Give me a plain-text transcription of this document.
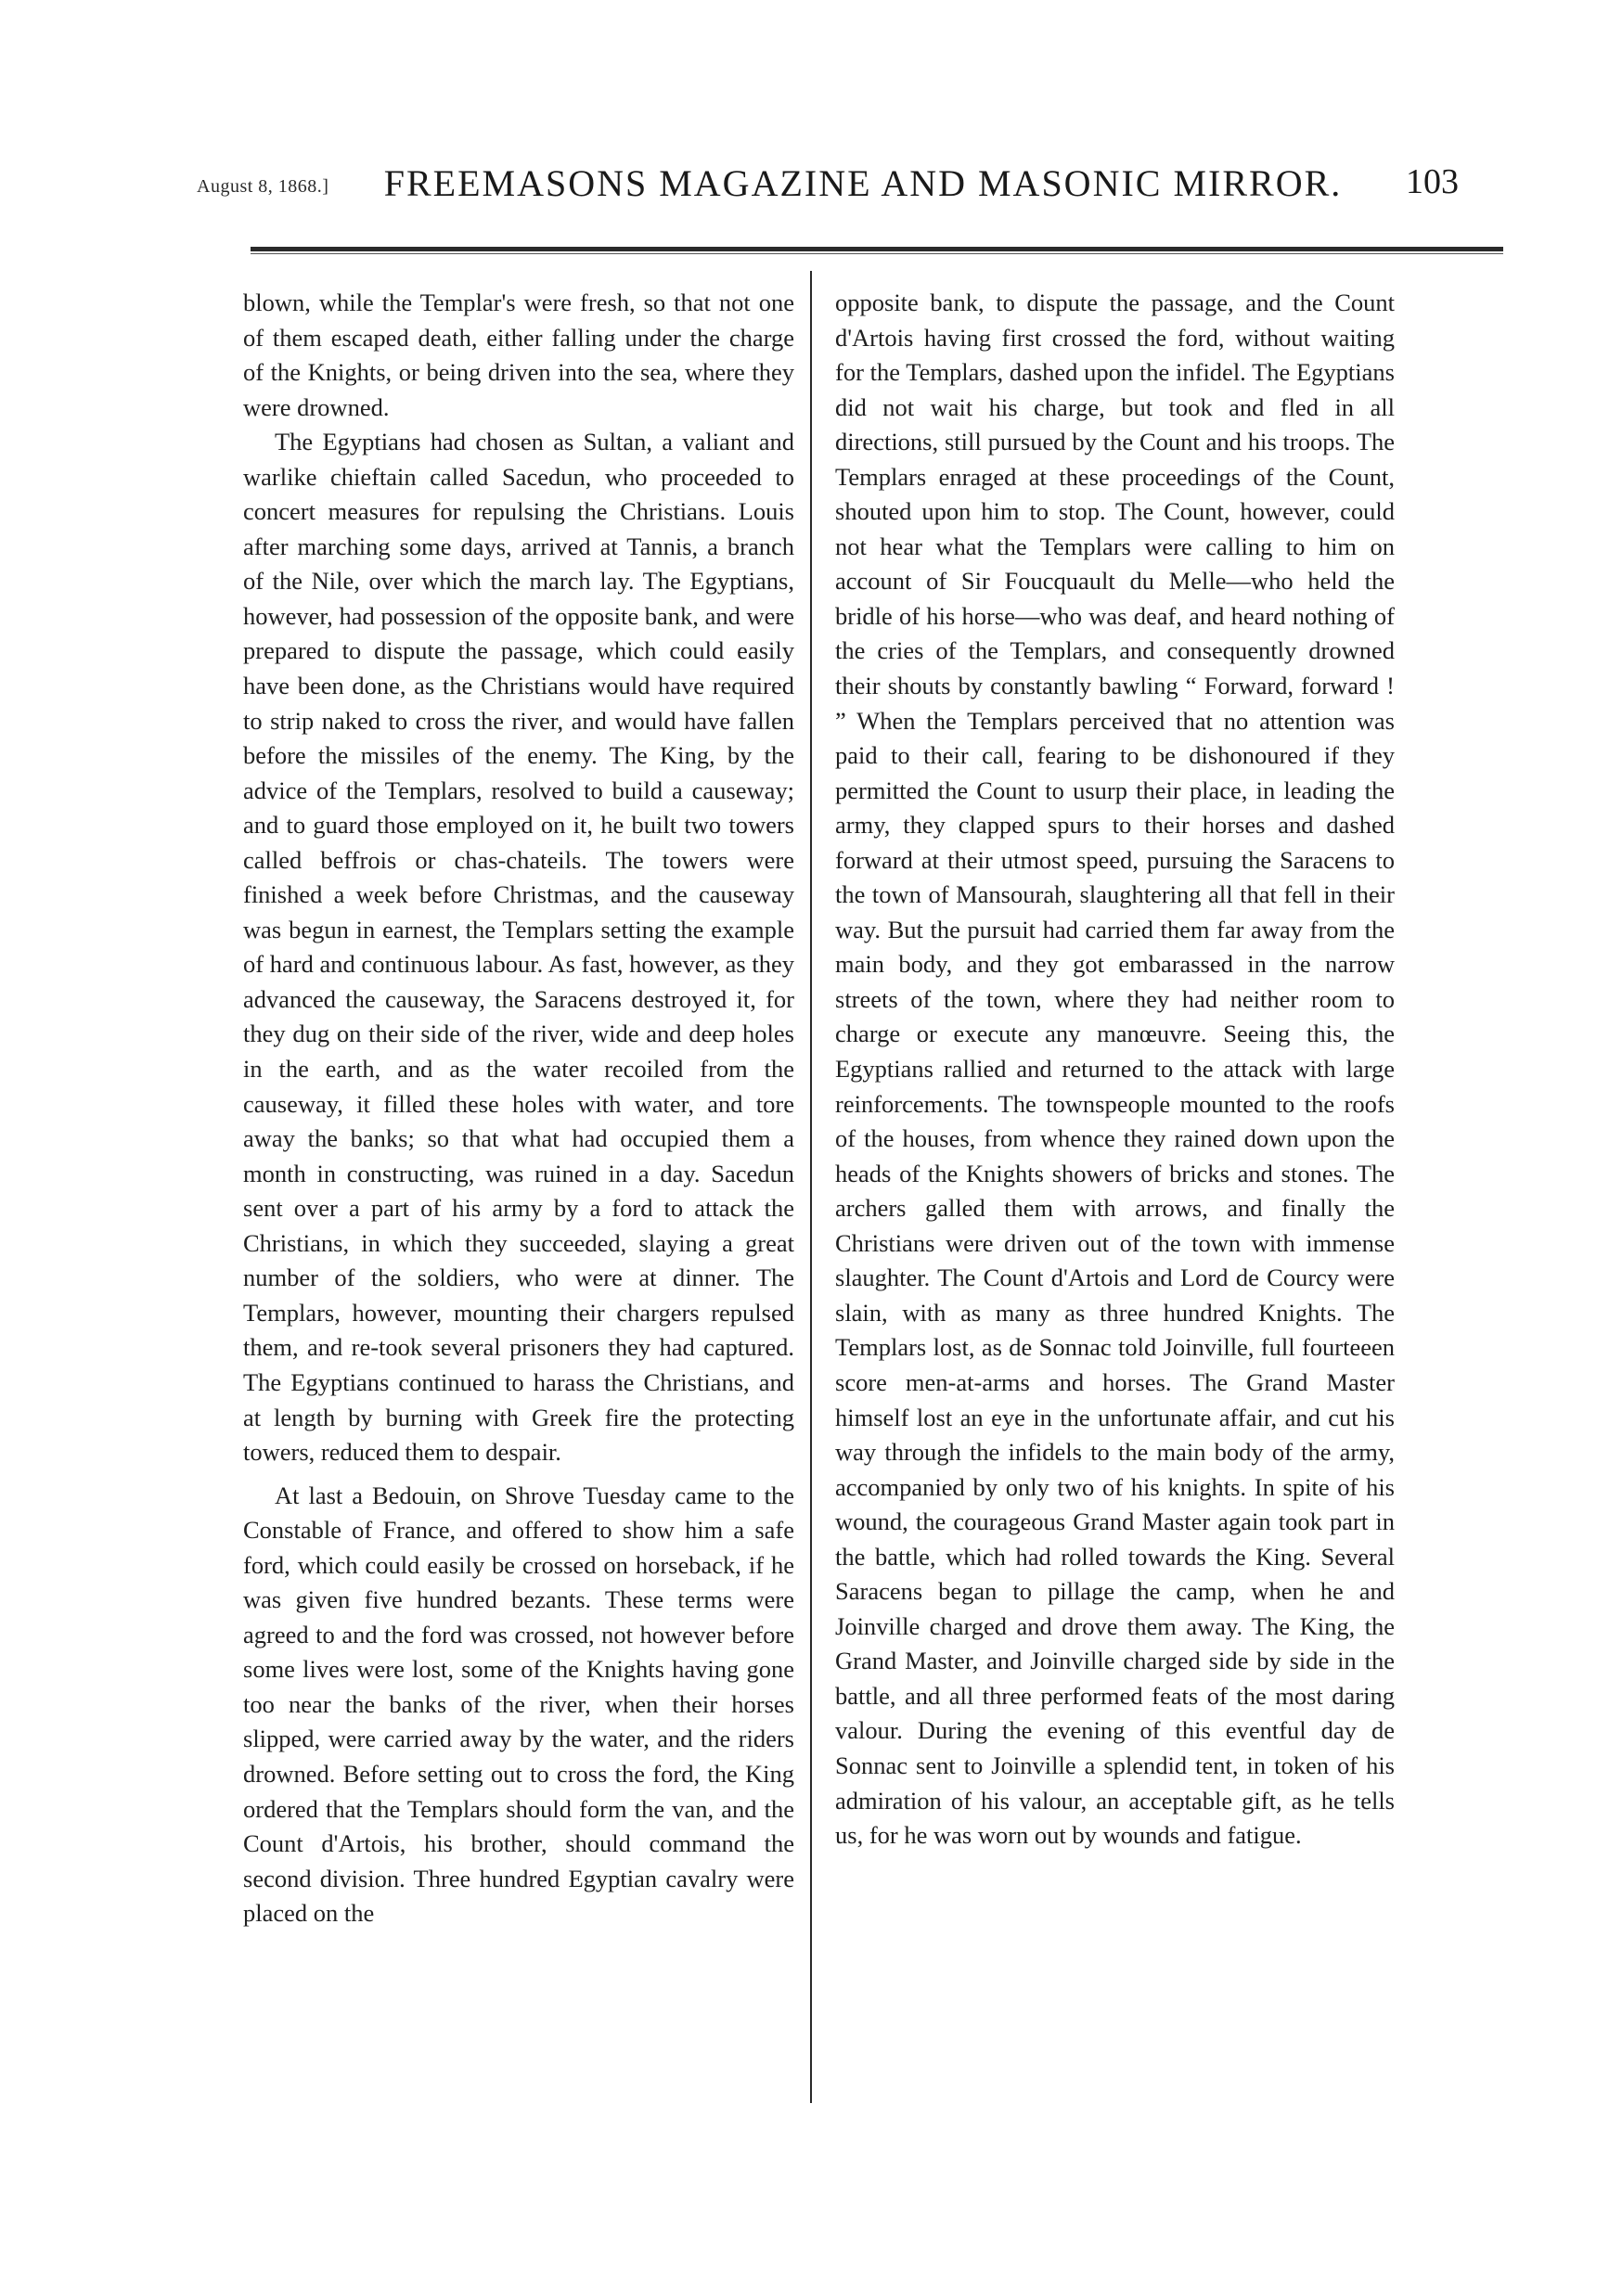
August 8, 1868.] FREEMASONS MAGAZINE AND MASONIC MIRROR. 103

blown, while the Templar's were fresh, so that not one of them escaped death, either falling under the charge of the Knights, or being driven into the sea, where they were drowned.

The Egyptians had chosen as Sultan, a valiant and warlike chieftain called Sacedun, who proceeded to concert measures for repulsing the Christians. Louis after marching some days, arrived at Tannis, a branch of the Nile, over which the march lay. The Egyptians, however, had possession of the opposite bank, and were prepared to dispute the passage, which could easily have been done, as the Christians would have required to strip naked to cross the river, and would have fallen before the missiles of the enemy. The King, by the advice of the Templars, resolved to build a causeway; and to guard those employed on it, he built two towers called beffrois or chas-chateils. The towers were finished a week before Christmas, and the causeway was begun in earnest, the Templars setting the example of hard and continuous labour. As fast, however, as they advanced the causeway, the Saracens destroyed it, for they dug on their side of the river, wide and deep holes in the earth, and as the water recoiled from the causeway, it filled these holes with water, and tore away the banks; so that what had occupied them a month in constructing, was ruined in a day. Sacedun sent over a part of his army by a ford to attack the Christians, in which they succeeded, slaying a great number of the soldiers, who were at dinner. The Templars, however, mounting their chargers repulsed them, and re-took several prisoners they had captured. The Egyptians continued to harass the Christians, and at length by burning with Greek fire the protecting towers, reduced them to despair.

At last a Bedouin, on Shrove Tuesday came to the Constable of France, and offered to show him a safe ford, which could easily be crossed on horseback, if he was given five hundred bezants. These terms were agreed to and the ford was crossed, not however before some lives were lost, some of the Knights having gone too near the banks of the river, when their horses slipped, were carried away by the water, and the riders drowned. Before setting out to cross the ford, the King ordered that the Templars should form the van, and the Count d'Artois, his brother, should command the second division. Three hundred Egyptian cavalry were placed on the

opposite bank, to dispute the passage, and the Count d'Artois having first crossed the ford, without waiting for the Templars, dashed upon the infidel. The Egyptians did not wait his charge, but took and fled in all directions, still pursued by the Count and his troops. The Templars enraged at these proceedings of the Count, shouted upon him to stop. The Count, however, could not hear what the Templars were calling to him on account of Sir Foucquault du Melle—who held the bridle of his horse—who was deaf, and heard nothing of the cries of the Templars, and consequently drowned their shouts by constantly bawling “ Forward, forward ! ” When the Templars perceived that no attention was paid to their call, fearing to be dishonoured if they permitted the Count to usurp their place, in leading the army, they clapped spurs to their horses and dashed forward at their utmost speed, pursuing the Saracens to the town of Mansourah, slaughtering all that fell in their way. But the pursuit had carried them far away from the main body, and they got embarassed in the narrow streets of the town, where they had neither room to charge or execute any manœuvre. Seeing this, the Egyptians rallied and returned to the attack with large reinforcements. The townspeople mounted to the roofs of the houses, from whence they rained down upon the heads of the Knights showers of bricks and stones. The archers galled them with arrows, and finally the Christians were driven out of the town with immense slaughter. The Count d'Artois and Lord de Courcy were slain, with as many as three hundred Knights. The Templars lost, as de Sonnac told Joinville, full fourteeen score men-at-arms and horses. The Grand Master himself lost an eye in the unfortunate affair, and cut his way through the infidels to the main body of the army, accompanied by only two of his knights. In spite of his wound, the courageous Grand Master again took part in the battle, which had rolled towards the King. Several Saracens began to pillage the camp, when he and Joinville charged and drove them away. The King, the Grand Master, and Joinville charged side by side in the battle, and all three performed feats of the most daring valour. During the evening of this eventful day de Sonnac sent to Joinville a splendid tent, in token of his admiration of his valour, an acceptable gift, as he tells us, for he was worn out by wounds and fatigue.
